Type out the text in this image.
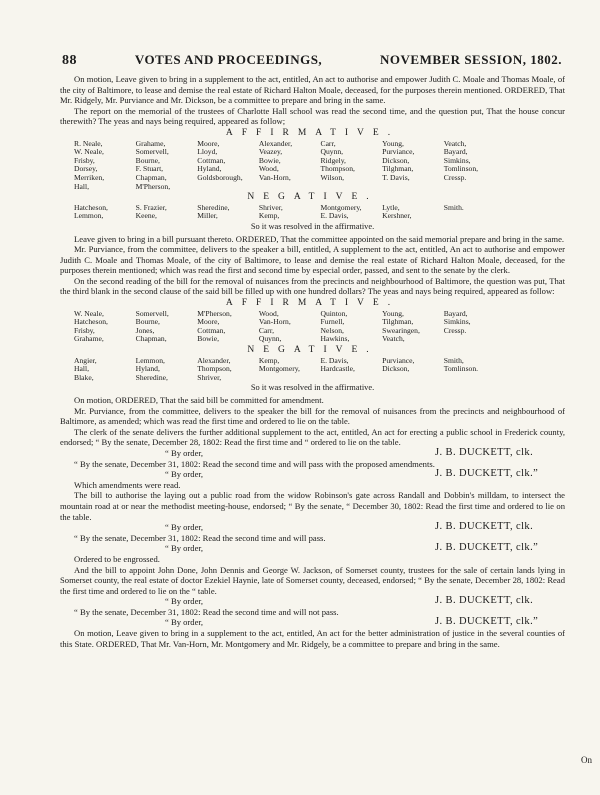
88	VOTES AND PROCEEDINGS,	NOVEMBER SESSION, 1802.

On motion, Leave given to bring in a supplement to the act, entitled, An act to authorise and empower Judith C. Moale and Thomas Moale, of the city of Baltimore, to lease and demise the real estate of Richard Halton Moale, deceased, for the purposes therein mentioned. ORDERED, That Mr. Ridgely, Mr. Purviance and Mr. Dickson, be a committee to prepare and bring in the same.

The report on the memorial of the trustees of Charlotte Hall school was read the second time, and the question put, That the house concur therewith? The yeas and nays being required, appeared as follow;

AFFIRMATIVE.
R. Neale,	Grahame,	Moore,	Alexander,	Carr,	Young,	Veatch,
W. Neale,	Somervell,	Lloyd,	Veazey,	Quynn,	Purviance,	Bayard,
Frisby,	Bourne,	Cottman,	Bowie,	Ridgely,	Dickson,	Simkins,
Dorsey,	F. Stuart,	Hyland,	Wood,	Thompson,	Tilghman,	Tomlinson,
Merriken,	Chapman,	Goldsborough,	Van-Horn,	Wilson,	T. Davis,	Cressp.
Hall,	M'Pherson,
NEGATIVE.
Hatcheson,	S. Frazier,	Sheredine,	Shriver,	Montgomery,	Lytle,	Smith.
Lemmon,	Keene,	Miller,	Kemp,	E. Davis,	Kershner,
So it was resolved in the affirmative.

Leave given to bring in a bill pursuant thereto. ORDERED, That the committee appointed on the said memorial prepare and bring in the same.

Mr. Purviance, from the committee, delivers to the speaker a bill, entitled, A supplement to the act, entitled, An act to authorise and empower Judith C. Moale and Thomas Moale, of the city of Baltimore, to lease and demise the real estate of Richard Halton Moale, deceased, for the purposes therein mentioned; which was read the first and second time by especial order, passed, and sent to the senate by the clerk.

On the second reading of the bill for the removal of nuisances from the precincts and neighbourhood of Baltimore, the question was put, That the third blank in the second clause of the said bill be filled up with one hundred dollars? The yeas and nays being required, appeared as follow:

AFFIRMATIVE.
W. Neale,	Somervell,	M'Pherson,	Wood,	Quinton,	Young,	Bayard,
Hatcheson,	Bourne,	Moore,	Van-Horn,	Furnell,	Tilghman,	Simkins,
Frisby,	Jones,	Cottman,	Carr,	Nelson,	Swearingen,	Cressp.
Grahame,	Chapman,	Bowie,	Quynn,	Hawkins,	Veatch,
NEGATIVE.
Angier,	Lemmon,	Alexander,	Kemp,	E. Davis,	Purviance,	Smith,
Hall,	Hyland,	Thompson,	Montgomery,	Hardcastle,	Dickson,	Tomlinson.
Blake,	Sheredine,	Shriver,
So it was resolved in the affirmative.

On motion, ORDERED, That the said bill be committed for amendment.

Mr. Purviance, from the committee, delivers to the speaker the bill for the removal of nuisances from the precincts and neighbourhood of Baltimore, as amended; which was read the first time and ordered to lie on the table.

The clerk of the senate delivers the further additional supplement to the act, entitled, An act for erecting a public school in Frederick county, endorsed; “ By the senate, December 28, 1802: Read the first time and “ ordered to lie on the table.

“ By order,	J. B. DUCKETT, clk.

“ By the senate, December 31, 1802: Read the second time and will pass with the proposed amendments.

“ By order,	J. B. DUCKETT, clk.”

Which amendments were read.

The bill to authorise the laying out a public road from the widow Robinson's gate across Randall and Dobbin's milldam, to intersect the mountain road at or near the methodist meeting-house, endorsed; “ By the senate, “ December 30, 1802: Read the first time and ordered to lie on the table.

“ By order,	J. B. DUCKETT, clk.

“ By the senate, December 31, 1802: Read the second time and will pass.

“ By order,	J. B. DUCKETT, clk.”

Ordered to be engrossed.

And the bill to appoint John Done, John Dennis and George W. Jackson, of Somerset county, trustees for the sale of certain lands lying in Somerset county, the real estate of doctor Ezekiel Haynie, late of Somerset county, deceased, endorsed; “ By the senate, December 28, 1802: Read the first time and ordered to lie on the “ table.

“ By order,	J. B. DUCKETT, clk.

“ By the senate, December 31, 1802: Read the second time and will not pass.

“ By order,	J. B. DUCKETT, clk.”

On motion, Leave given to bring in a supplement to the act, entitled, An act for the better administration of justice in the several counties of this State. ORDERED, That Mr. Van-Horn, Mr. Montgomery and Mr. Ridgely, be a committee to prepare and bring in the same.

On
